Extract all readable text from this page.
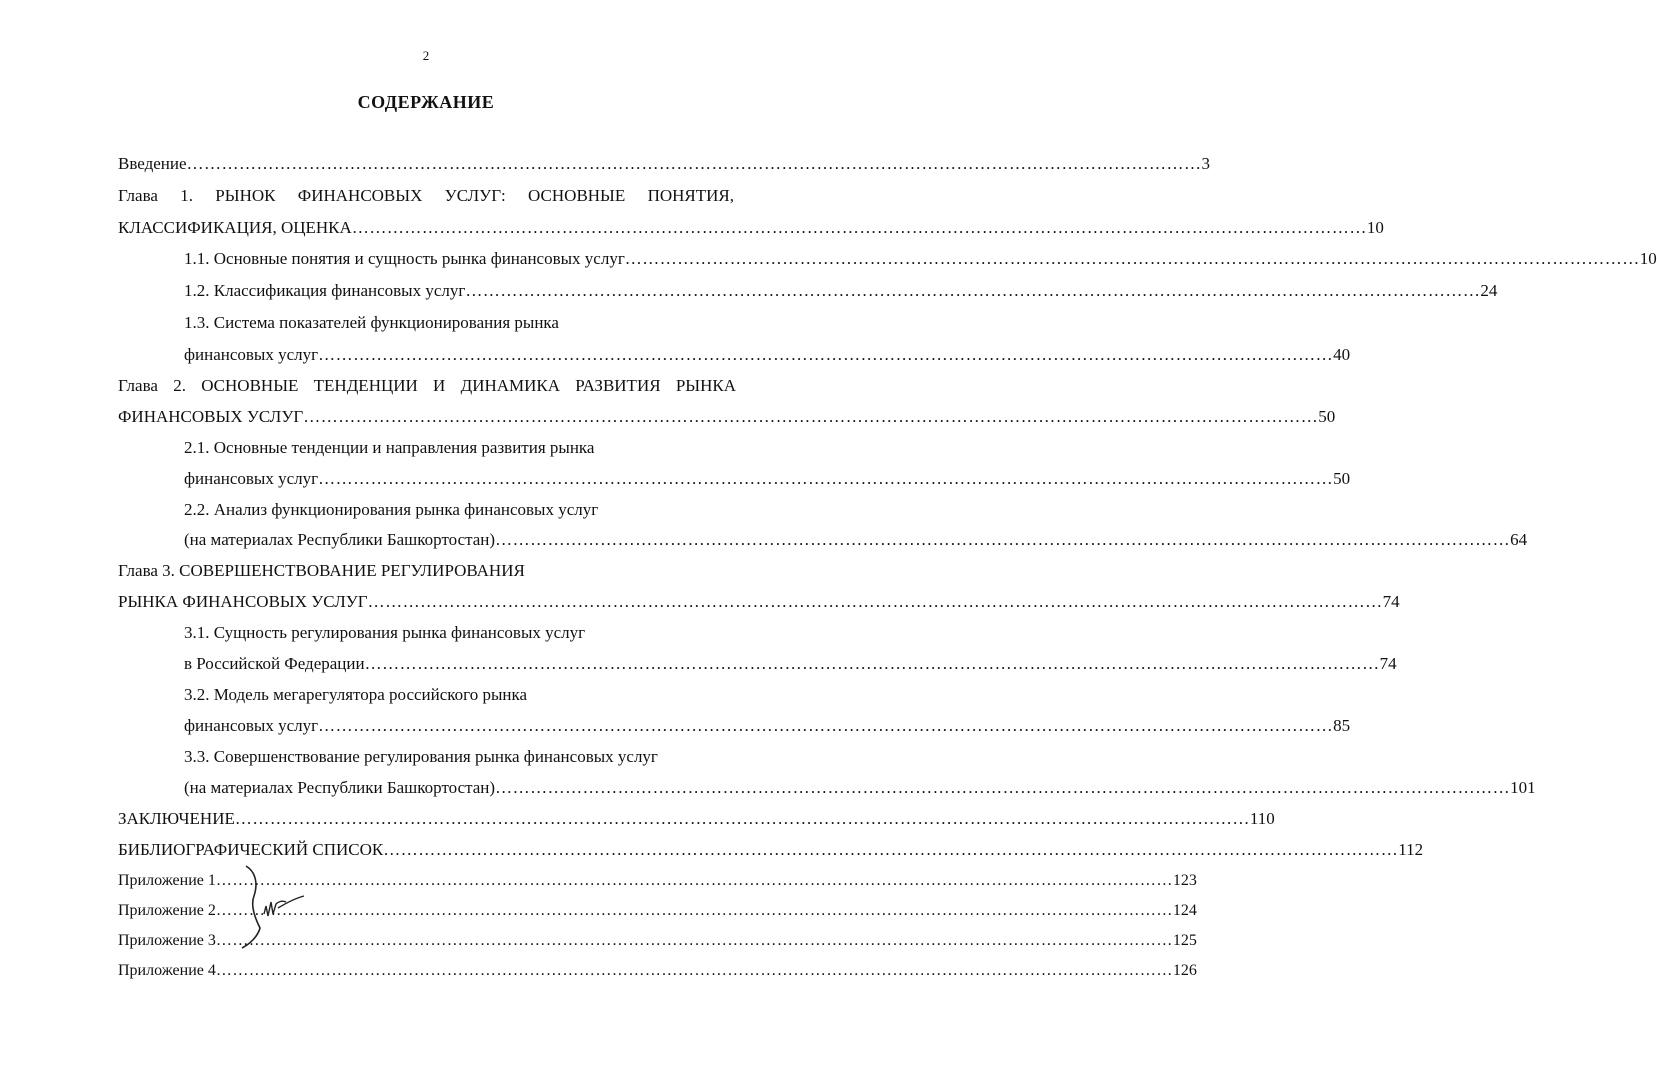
2
СОДЕРЖАНИЕ
Введение ………………………………………………………………………………………………………………………………………………………… 3
Глава 1. РЫНОК ФИНАНСОВЫХ УСЛУГ: ОСНОВНЫЕ ПОНЯТИЯ,
КЛАССИФИКАЦИЯ, ОЦЕНКА ………………………………………………………………………………………………………………………………………………………… 10
1.1. Основные понятия и сущность рынка финансовых услуг ………………………………………………………………………………………………………………………………………………………… 10
1.2. Классификация финансовых услуг ………………………………………………………………………………………………………………………………………………………… 24
1.3. Система показателей функционирования рынка
финансовых услуг ………………………………………………………………………………………………………………………………………………………… 40
Глава 2. ОСНОВНЫЕ ТЕНДЕНЦИИ И ДИНАМИКА РАЗВИТИЯ РЫНКА
ФИНАНСОВЫХ УСЛУГ ………………………………………………………………………………………………………………………………………………………… 50
2.1. Основные тенденции и направления развития рынка
финансовых услуг ………………………………………………………………………………………………………………………………………………………… 50
2.2. Анализ функционирования рынка финансовых услуг
(на материалах Республики Башкортостан) ………………………………………………………………………………………………………………………………………………………… 64
Глава 3. СОВЕРШЕНСТВОВАНИЕ РЕГУЛИРОВАНИЯ
РЫНКА ФИНАНСОВЫХ УСЛУГ ………………………………………………………………………………………………………………………………………………………… 74
3.1. Сущность регулирования рынка финансовых услуг
в Российской Федерации ………………………………………………………………………………………………………………………………………………………… 74
3.2. Модель мегарегулятора российского рынка
финансовых услуг ………………………………………………………………………………………………………………………………………………………… 85
3.3. Совершенствование регулирования рынка финансовых услуг
(на материалах Республики Башкортостан) ………………………………………………………………………………………………………………………………………………………… 101
ЗАКЛЮЧЕНИЕ ………………………………………………………………………………………………………………………………………………………… 110
БИБЛИОГРАФИЧЕСКИЙ СПИСОК ………………………………………………………………………………………………………………………………………………………… 112
Приложение 1 ………………………………………………………………………………………………………………………………………………………… 123
Приложение 2 ………………………………………………………………………………………………………………………………………………………… 124
Приложение 3 ………………………………………………………………………………………………………………………………………………………… 125
Приложение 4 ………………………………………………………………………………………………………………………………………………………… 126
